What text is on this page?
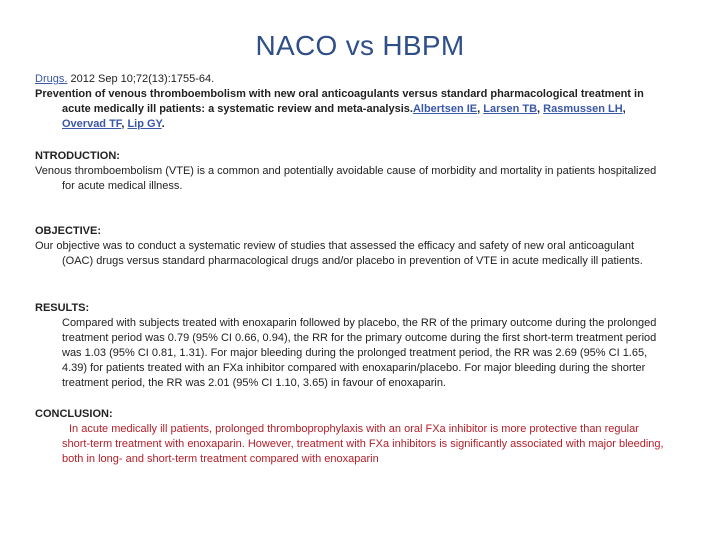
NACO vs HBPM

Drugs. 2012 Sep 10;72(13):1755-64.

Prevention of venous thromboembolism with new oral anticoagulants versus standard pharmacological treatment in acute medically ill patients: a systematic review and meta-analysis.Albertsen IE, Larsen TB, Rasmussen LH, Overvad TF, Lip GY.

NTRODUCTION:

Venous thromboembolism (VTE) is a common and potentially avoidable cause of morbidity and mortality in patients hospitalized for acute medical illness.

OBJECTIVE:

Our objective was to conduct a systematic review of studies that assessed the efficacy and safety of new oral anticoagulant (OAC) drugs versus standard pharmacological drugs and/or placebo in prevention of VTE in acute medically ill patients.

RESULTS:

Compared with subjects treated with enoxaparin followed by placebo, the RR of the primary outcome during the prolonged treatment period was 0.79 (95% CI 0.66, 0.94), the RR for the primary outcome during the first short-term treatment period was 1.03 (95% CI 0.81, 1.31). For major bleeding during the prolonged treatment period, the RR was 2.69 (95% CI 1.65, 4.39) for patients treated with an FXa inhibitor compared with enoxaparin/placebo. For major bleeding during the shorter treatment period, the RR was 2.01 (95% CI 1.10, 3.65) in favour of enoxaparin.

CONCLUSION:

In acute medically ill patients, prolonged thromboprophylaxis with an oral FXa inhibitor is more protective than regular short-term treatment with enoxaparin. However, treatment with FXa inhibitors is significantly associated with major bleeding, both in long- and short-term treatment compared with enoxaparin
